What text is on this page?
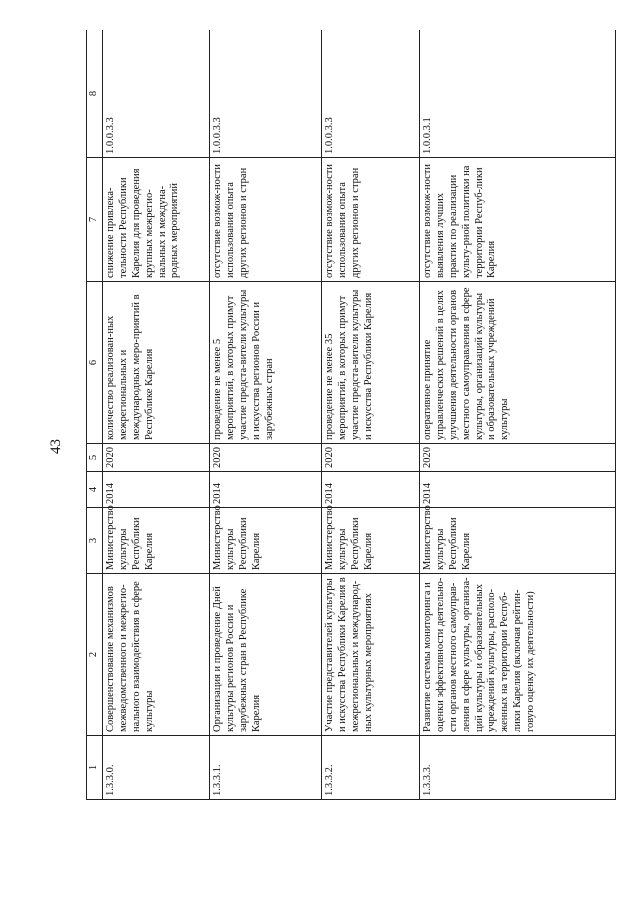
43
1	2	3	4	5	6	7	8
1.3.3.0.	Совершенствование механизмов межведомственного и межрегио-нального взаимодействия в сфере культуры	Министерство культуры Республики Карелия	2014	2020	количество реализован-ных межрегиональных и международных меро-приятий в Республике Карелия	снижение привлека-тельности Республики Карелия для проведения крупных межрегио-нальных и междуна-родных мероприятий	1.0.0.3.3
1.3.3.1.	Организация и проведение Дней культуры регионов России и зарубежных стран в Республике Карелия	Министерство культуры Республики Карелия	2014	2020	проведение не менее 5 мероприятий, в которых примут участие предста-вители культуры и искусства регионов России и зарубежных стран	отсутствие возмож-ности использования опыта других регионов и стран	1.0.0.3.3
1.3.3.2.	Участие представителей культуры и искусства Республики Карелия в межрегиональных и международ-ных культурных мероприятиях	Министерство культуры Республики Карелия	2014	2020	проведение не менее 35 мероприятий, в которых примут участие предста-вители культуры и искусства Республики Карелия	отсутствие возмож-ности использования опыта других регионов и стран	1.0.0.3.3
1.3.3.3.	Развитие системы мониторинга и оценки эффективности деятельно-сти органов местного самоуправ-ления в сфере культуры, организа-ций культуры и образовательных учреждений культуры, располо-женных на территории Респуб-лики Карелия (включая рейтин-говую оценку их деятельности)	Министерство культуры Республики Карелия	2014	2020	оперативное принятие управленческих решений в целях улучшения деятельности органов местного самоуправления в сфере культуры, организаций культуры и образовательных учреждений культуры	отсутствие возмож-ности выявления лучших практик по реализации культу-рной политики на территории Респуб-лики Карелия	1.0.0.3.1
